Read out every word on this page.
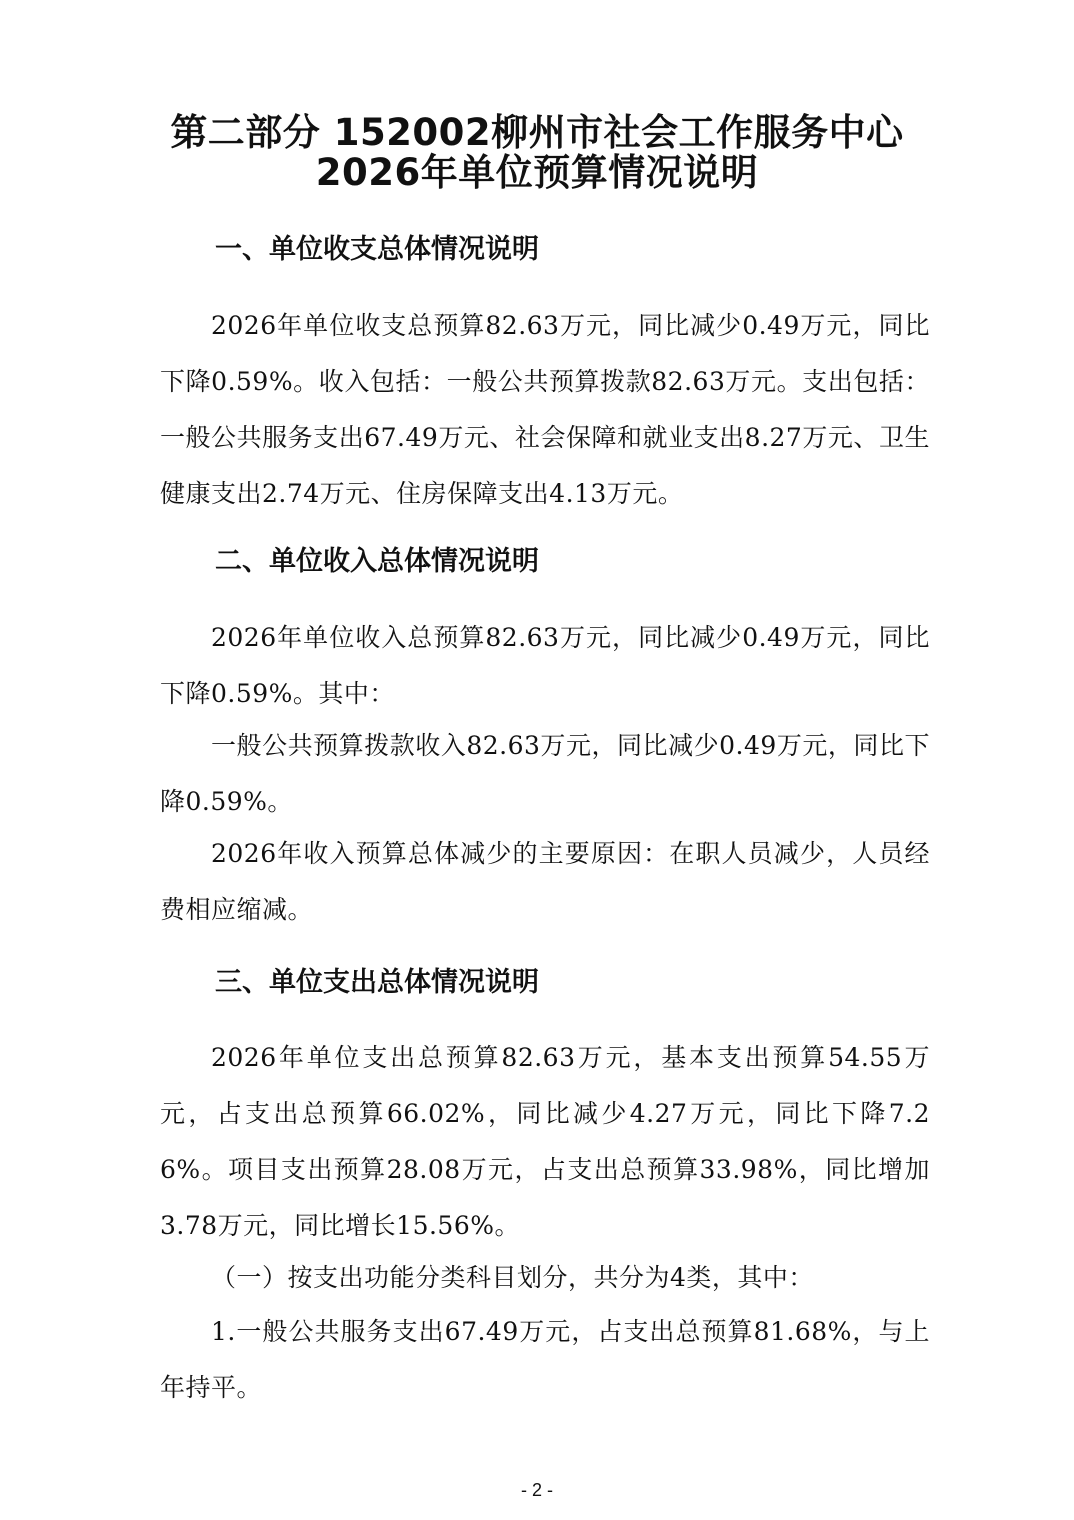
第二部分 152002柳州市社会工作服务中心
2026年单位预算情况说明
一、单位收支总体情况说明
2026年单位收支总预算82.63万元，同比减少0.49万元，同比下降0.59%。收入包括：一般公共预算拨款82.63万元。支出包括：一般公共服务支出67.49万元、社会保障和就业支出8.27万元、卫生健康支出2.74万元、住房保障支出4.13万元。
二、单位收入总体情况说明
2026年单位收入总预算82.63万元，同比减少0.49万元，同比下降0.59%。其中：
一般公共预算拨款收入82.63万元，同比减少0.49万元，同比下降0.59%。
2026年收入预算总体减少的主要原因：在职人员减少，人员经费相应缩减。
三、单位支出总体情况说明
2026年单位支出总预算82.63万元，基本支出预算54.55万元，占支出总预算66.02%，同比减少4.27万元，同比下降7.26%。项目支出预算28.08万元，占支出总预算33.98%，同比增加3.78万元，同比增长15.56%。
（一）按支出功能分类科目划分，共分为4类，其中：
1.一般公共服务支出67.49万元，占支出总预算81.68%，与上年持平。
- 2 -
